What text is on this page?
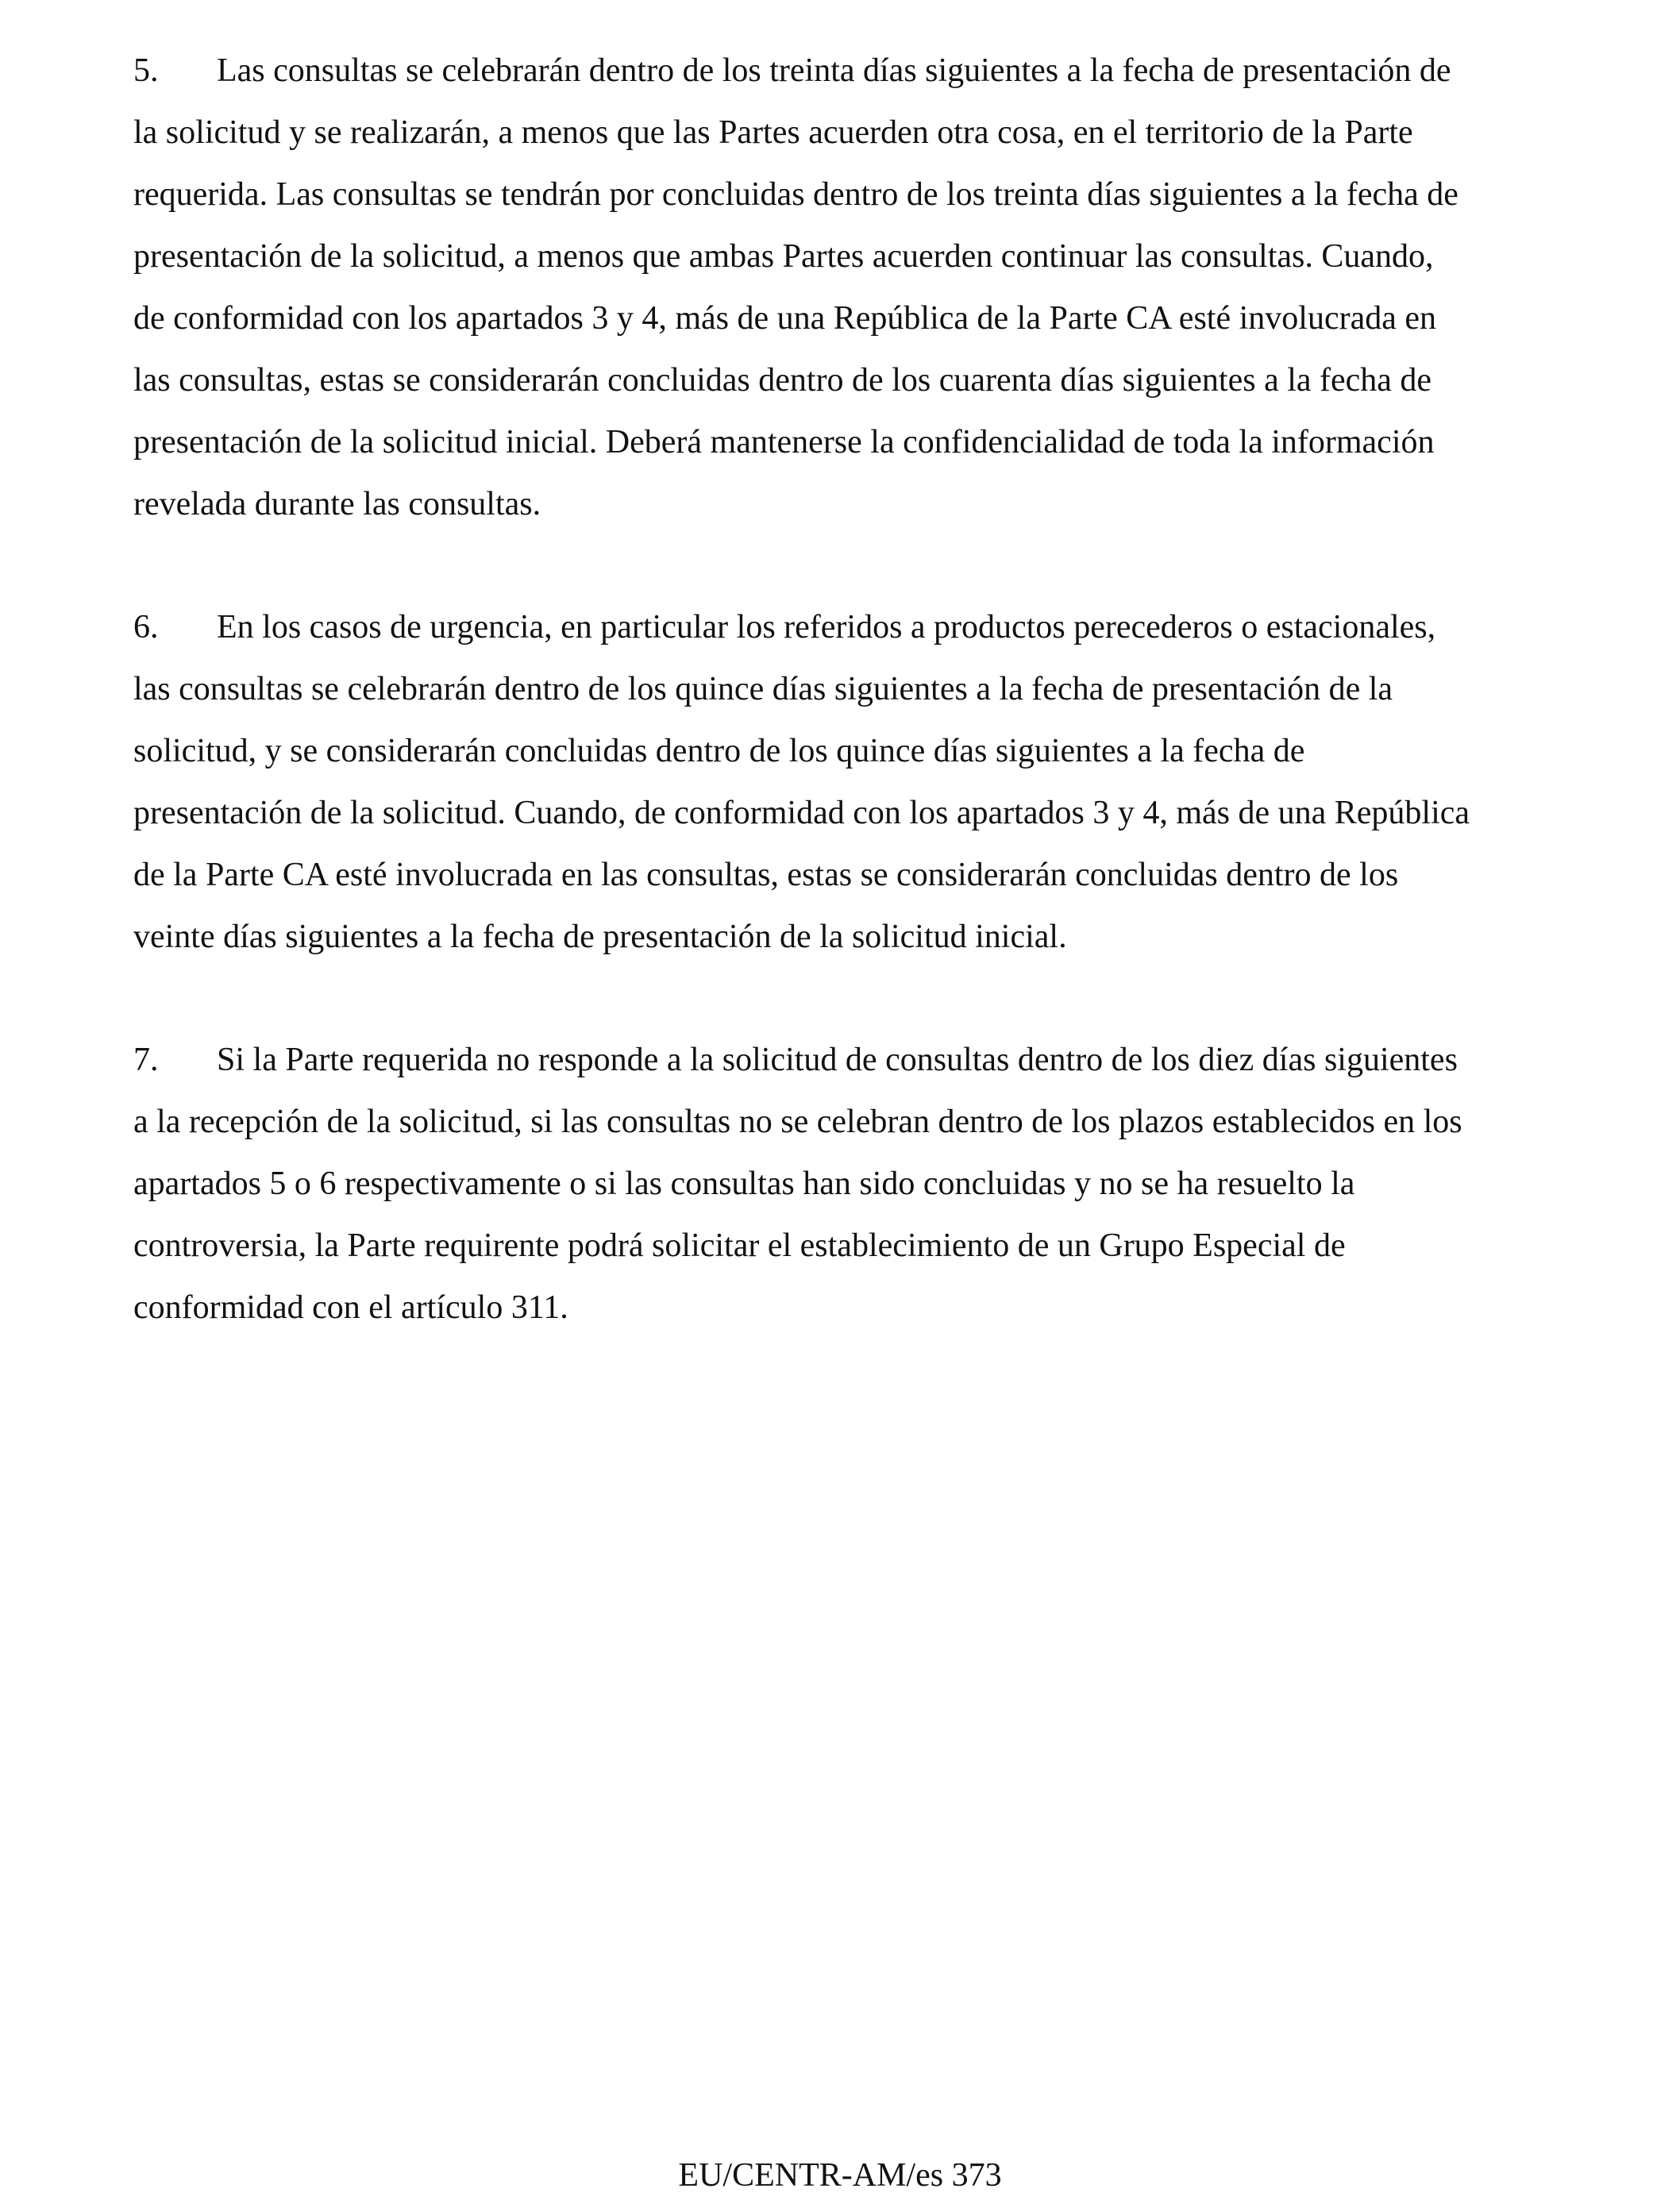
5. Las consultas se celebrarán dentro de los treinta días siguientes a la fecha de presentación de
la solicitud y se realizarán, a menos que las Partes acuerden otra cosa, en el territorio de la Parte
requerida. Las consultas se tendrán por concluidas dentro de los treinta días siguientes a la fecha de
presentación de la solicitud, a menos que ambas Partes acuerden continuar las consultas. Cuando,
de conformidad con los apartados 3 y 4, más de una República de la Parte CA esté involucrada en
las consultas, estas se considerarán concluidas dentro de los cuarenta días siguientes a la fecha de
presentación de la solicitud inicial. Deberá mantenerse la confidencialidad de toda la información
revelada durante las consultas.

6. En los casos de urgencia, en particular los referidos a productos perecederos o estacionales,
las consultas se celebrarán dentro de los quince días siguientes a la fecha de presentación de la
solicitud, y se considerarán concluidas dentro de los quince días siguientes a la fecha de
presentación de la solicitud. Cuando, de conformidad con los apartados 3 y 4, más de una República
de la Parte CA esté involucrada en las consultas, estas se considerarán concluidas dentro de los
veinte días siguientes a la fecha de presentación de la solicitud inicial.

7. Si la Parte requerida no responde a la solicitud de consultas dentro de los diez días siguientes
a la recepción de la solicitud, si las consultas no se celebran dentro de los plazos establecidos en los
apartados 5 o 6 respectivamente o si las consultas han sido concluidas y no se ha resuelto la
controversia, la Parte requirente podrá solicitar el establecimiento de un Grupo Especial de
conformidad con el artículo 311.

EU/CENTR-AM/es 373
